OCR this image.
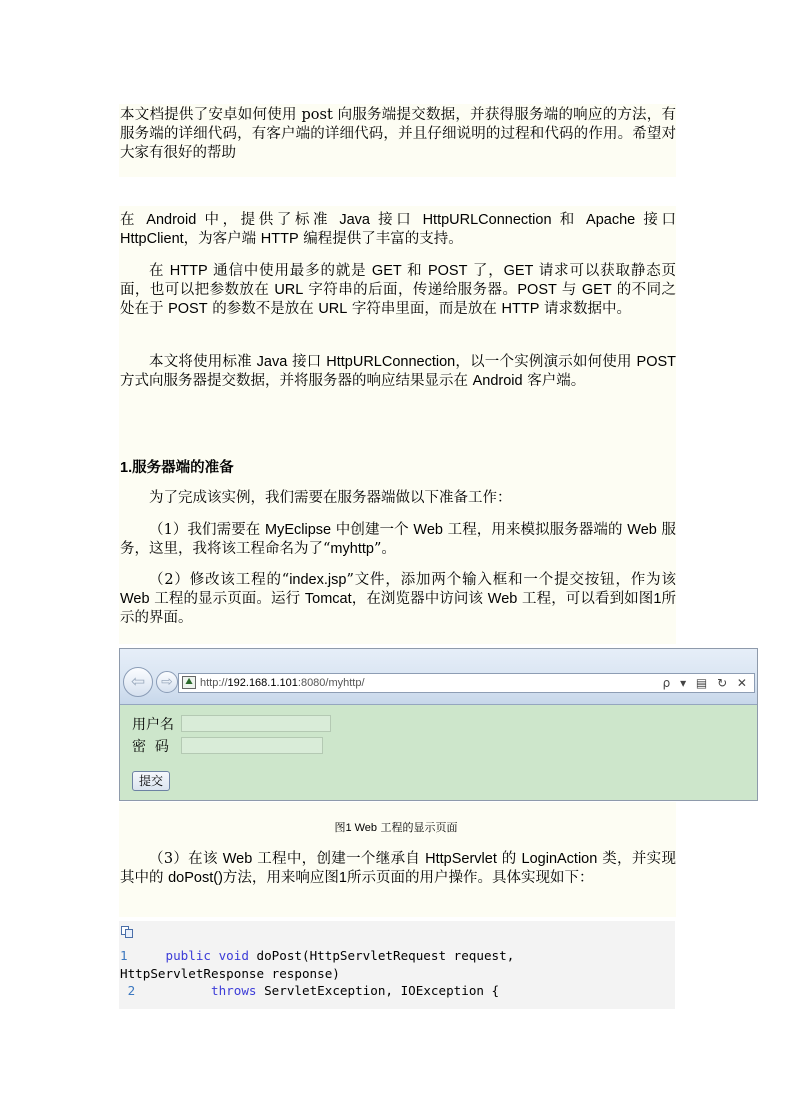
本文档提供了安卓如何使用 post 向服务端提交数据，并获得服务端的响应的方法，有服务端的详细代码，有客户端的详细代码，并且仔细说明的过程和代码的作用。希望对大家有很好的帮助
在 Android 中，提供了标准 Java 接口 HttpURLConnection 和 Apache 接口 HttpClient，为客户端 HTTP 编程提供了丰富的支持。
在 HTTP 通信中使用最多的就是 GET 和 POST 了，GET 请求可以获取静态页面，也可以把参数放在 URL 字符串的后面，传递给服务器。POST 与 GET 的不同之处在于 POST 的参数不是放在 URL 字符串里面，而是放在 HTTP 请求数据中。
本文将使用标准 Java 接口 HttpURLConnection，以一个实例演示如何使用 POST 方式向服务器提交数据，并将服务器的响应结果显示在 Android 客户端。
1.服务器端的准备
为了完成该实例，我们需要在服务器端做以下准备工作：
（1）我们需要在 MyEclipse 中创建一个 Web 工程，用来模拟服务器端的 Web 服务，这里，我将该工程命名为了“myhttp”。
（2）修改该工程的“index.jsp”文件，添加两个输入框和一个提交按钮，作为该 Web 工程的显示页面。运行 Tomcat，在浏览器中访问该 Web 工程，可以看到如图1所示的界面。
⇦	⇨	⛰ http://192.168.1.101:8080/myhttp/	ρ ▾ ▤ ↻ ✕
用户名
密  码
提交
图1 Web 工程的显示页面
（3）在该 Web 工程中，创建一个继承自 HttpServlet 的 LoginAction 类，并实现其中的 doPost()方法，用来响应图1所示页面的用户操作。具体实现如下：
1	public void doPost(HttpServletRequest request,
HttpServletResponse response)
2	throws ServletException, IOException {
